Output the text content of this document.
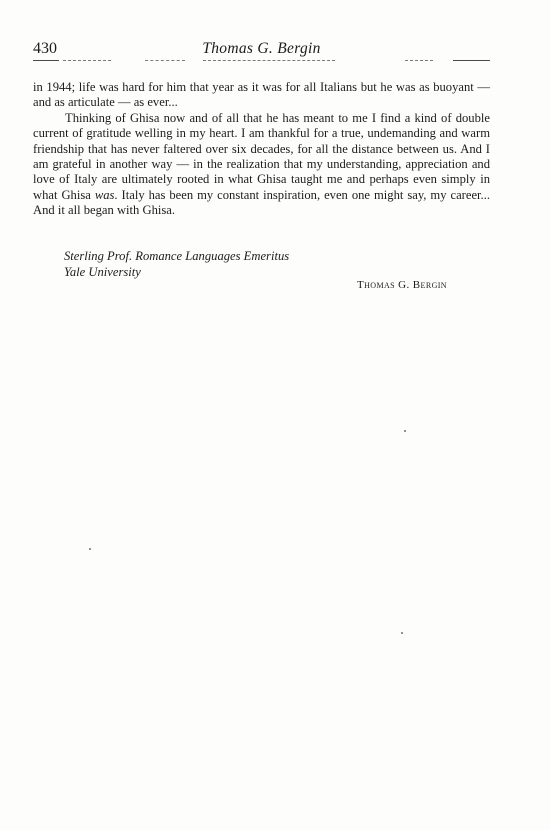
430	Thomas G. Bergin

in 1944; life was hard for him that year as it was for all Italians but he was as buoyant — and as articulate — as ever...

Thinking of Ghisa now and of all that he has meant to me I find a kind of double current of gratitude welling in my heart. I am thankful for a true, undemanding and warm friendship that has never faltered over six decades, for all the distance between us. And I am grateful in another way — in the realization that my understanding, appreciation and love of Italy are ultimately rooted in what Ghisa taught me and perhaps even simply in what Ghisa was. Italy has been my constant inspiration, even one might say, my career... And it all began with Ghisa.

Sterling Prof. Romance Languages Emeritus
Yale University
Thomas G. Bergin
